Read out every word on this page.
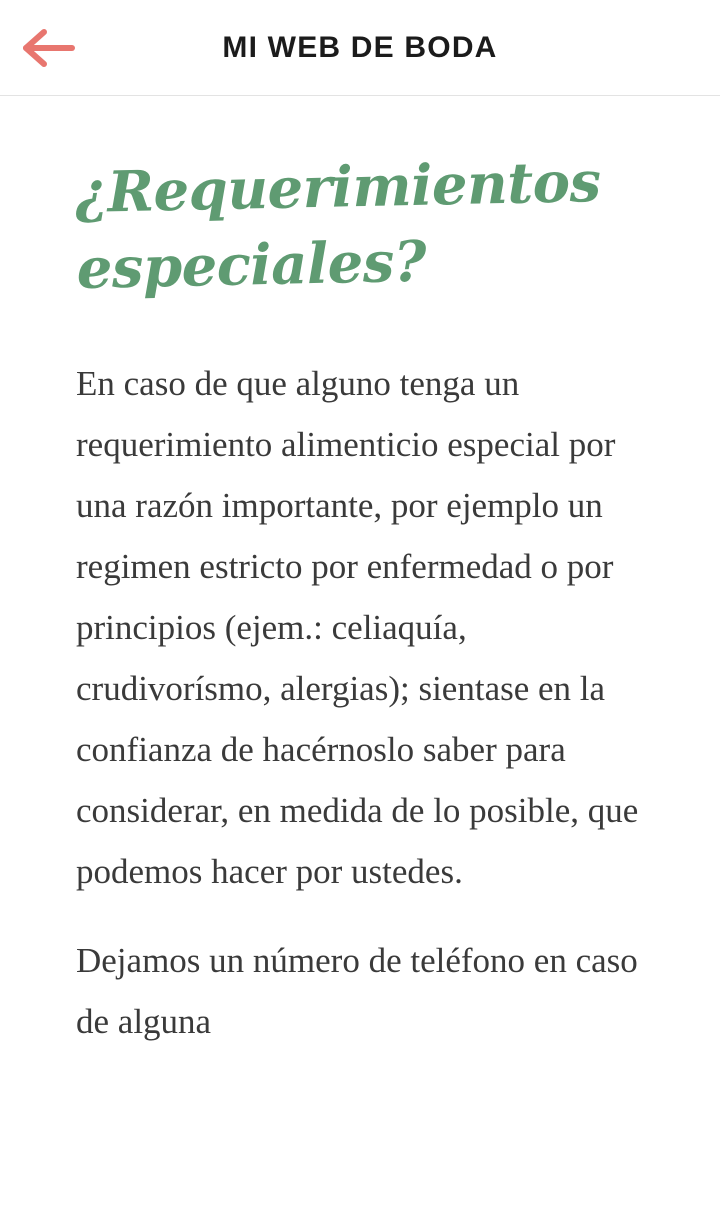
MI WEB DE BODA
¿Requerimientos especiales?

En caso de que alguno tenga un requerimiento alimenticio especial por una razón importante, por ejemplo un regimen estricto por enfermedad o por principios (ejem.: celiaquía, crudivorísmo, alergias); sientase en la confianza de hacérnoslo saber para considerar, en medida de lo posible, que podemos hacer por ustedes.

Dejamos un número de teléfono en caso de alguna
